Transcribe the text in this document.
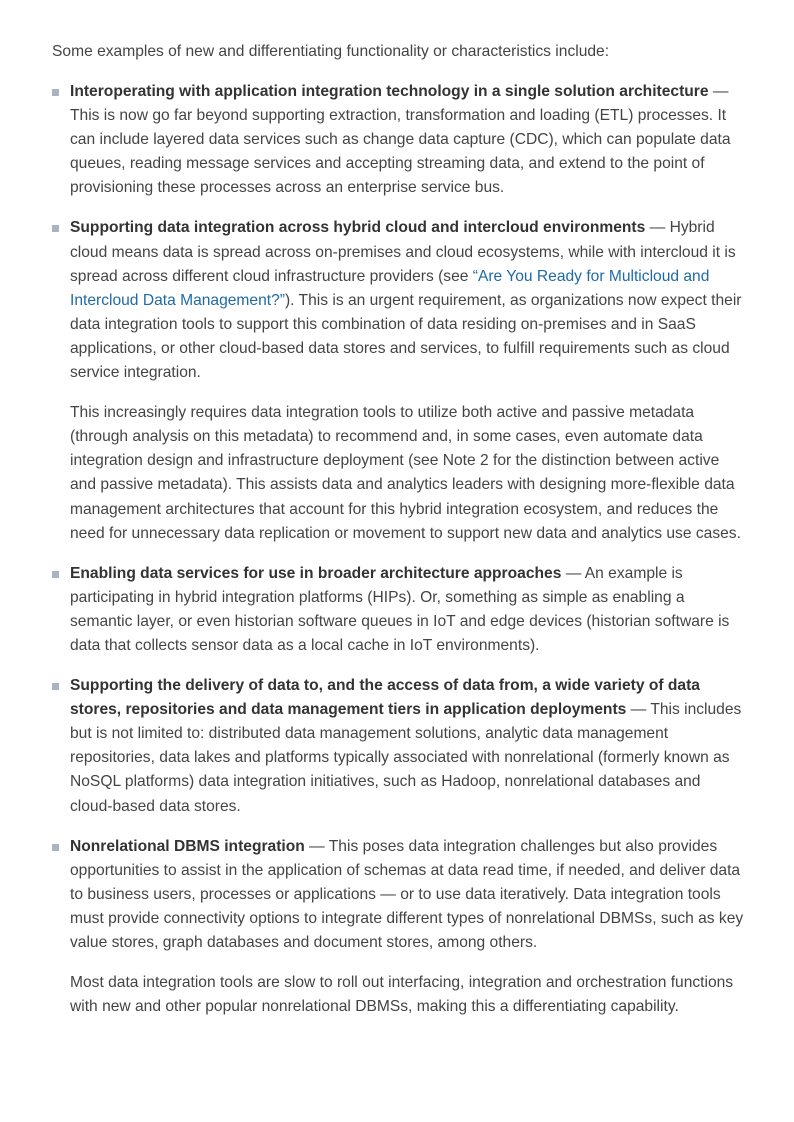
Some examples of new and differentiating functionality or characteristics include:

Interoperating with application integration technology in a single solution architecture — This is now go far beyond supporting extraction, transformation and loading (ETL) processes. It can include layered data services such as change data capture (CDC), which can populate data queues, reading message services and accepting streaming data, and extend to the point of provisioning these processes across an enterprise service bus.

Supporting data integration across hybrid cloud and intercloud environments — Hybrid cloud means data is spread across on-premises and cloud ecosystems, while with intercloud it is spread across different cloud infrastructure providers (see “Are You Ready for Multicloud and Intercloud Data Management?”). This is an urgent requirement, as organizations now expect their data integration tools to support this combination of data residing on-premises and in SaaS applications, or other cloud-based data stores and services, to fulfill requirements such as cloud service integration.

This increasingly requires data integration tools to utilize both active and passive metadata (through analysis on this metadata) to recommend and, in some cases, even automate data integration design and infrastructure deployment (see Note 2 for the distinction between active and passive metadata). This assists data and analytics leaders with designing more-flexible data management architectures that account for this hybrid integration ecosystem, and reduces the need for unnecessary data replication or movement to support new data and analytics use cases.

Enabling data services for use in broader architecture approaches — An example is participating in hybrid integration platforms (HIPs). Or, something as simple as enabling a semantic layer, or even historian software queues in IoT and edge devices (historian software is data that collects sensor data as a local cache in IoT environments).

Supporting the delivery of data to, and the access of data from, a wide variety of data stores, repositories and data management tiers in application deployments — This includes but is not limited to: distributed data management solutions, analytic data management repositories, data lakes and platforms typically associated with nonrelational (formerly known as NoSQL platforms) data integration initiatives, such as Hadoop, nonrelational databases and cloud-based data stores.

Nonrelational DBMS integration — This poses data integration challenges but also provides opportunities to assist in the application of schemas at data read time, if needed, and deliver data to business users, processes or applications — or to use data iteratively. Data integration tools must provide connectivity options to integrate different types of nonrelational DBMSs, such as key value stores, graph databases and document stores, among others.

Most data integration tools are slow to roll out interfacing, integration and orchestration functions with new and other popular nonrelational DBMSs, making this a differentiating capability.
